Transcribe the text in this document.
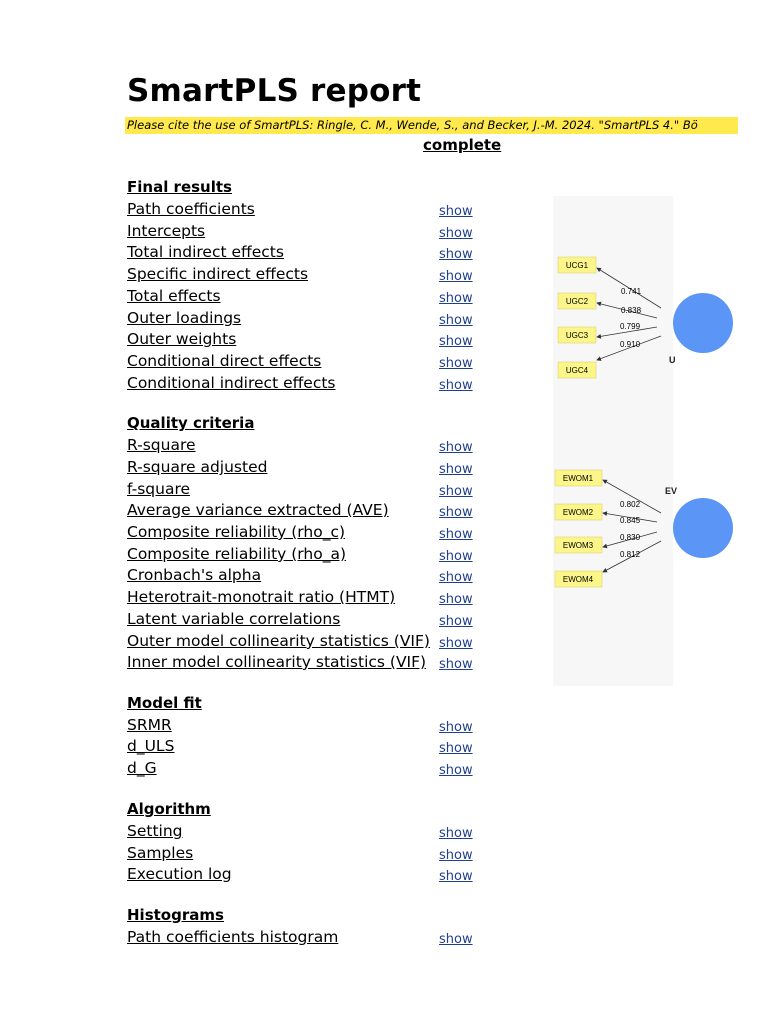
SmartPLS report
Please cite the use of SmartPLS: Ringle, C. M., Wende, S., and Becker, J.-M. 2024. "SmartPLS 4." Bö
complete
Final results
Path coefficients	show
Intercepts	show
Total indirect effects	show
Specific indirect effects	show
Total effects	show
Outer loadings	show
Outer weights	show
Conditional direct effects	show
Conditional indirect effects	show
Quality criteria
R-square	show
R-square adjusted	show
f-square	show
Average variance extracted (AVE)	show
Composite reliability (rho_c)	show
Composite reliability (rho_a)	show
Cronbach's alpha	show
Heterotrait-monotrait ratio (HTMT)	show
Latent variable correlations	show
Outer model collinearity statistics (VIF) show
Inner model collinearity statistics (VIF) show
Model fit
SRMR	show
d_ULS	show
d_G	show
Algorithm
Setting	show
Samples	show
Execution log	show
Histograms
Path coefficients histogram	show
U
UCG1
UGC2
UGC3
UGC4
0.741
0.838
0.799
0.910
EV
EWOM1
EWOM2
EWOM3
EWOM4
0.802
0.845
0.830
0.812
